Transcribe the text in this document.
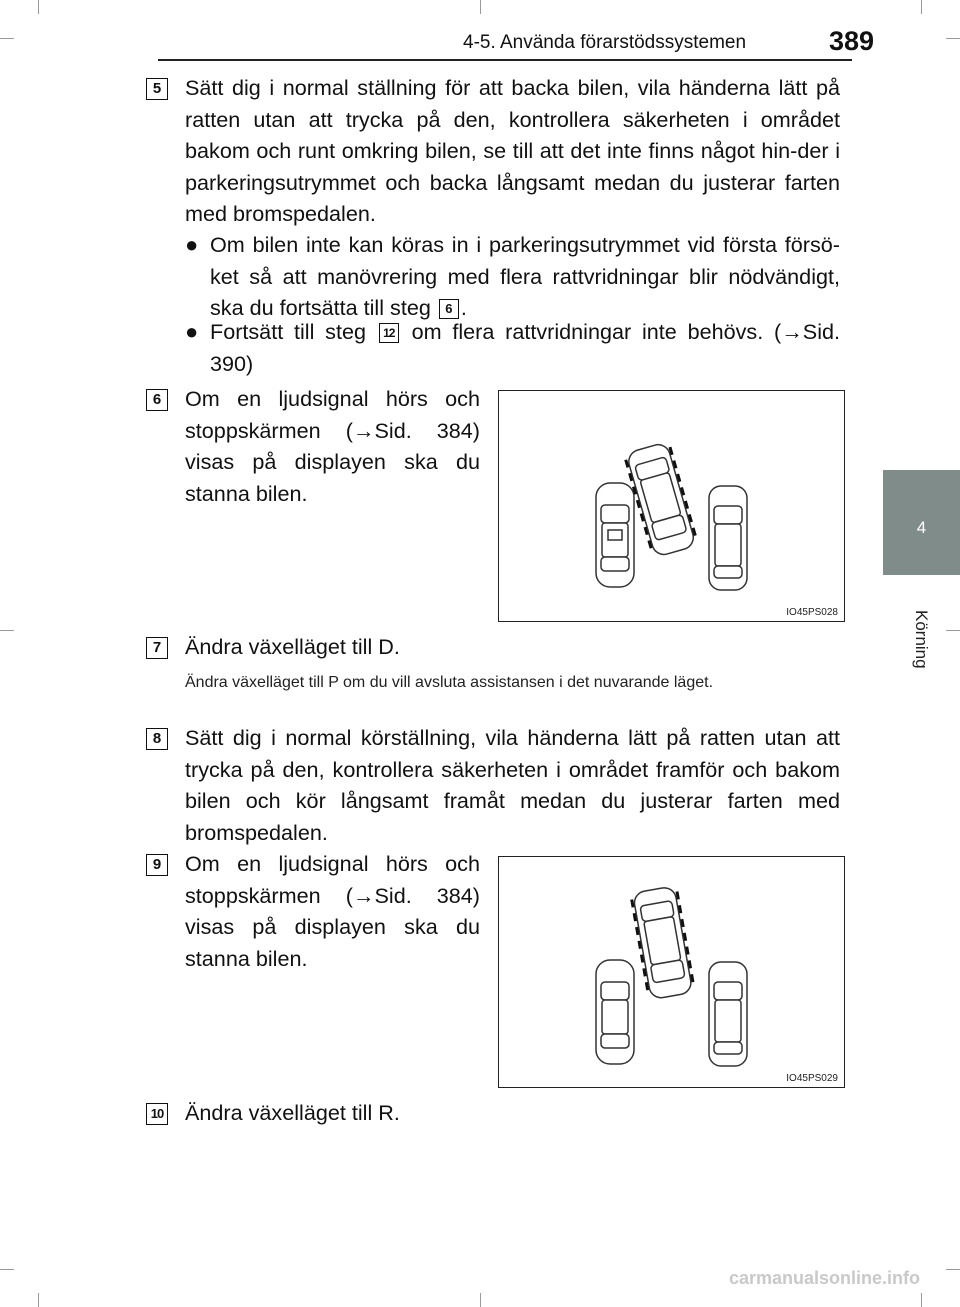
4-5. Använda förarstödssystemen	389
4
Körning
5	Sätt dig i normal ställning för att backa bilen, vila händerna lätt på ratten utan att trycka på den, kontrollera säkerheten i området bakom och runt omkring bilen, se till att det inte finns något hin-der i parkeringsutrymmet och backa långsamt medan du justerar farten med bromspedalen.
● Om bilen inte kan köras in i parkeringsutrymmet vid första försö-ket så att manövrering med flera rattvridningar blir nödvändigt, ska du fortsätta till steg 6 .
● Fortsätt till steg 12 om flera rattvridningar inte behövs. (→Sid. 390)
6	Om en ljudsignal hörs och stoppskärmen (→Sid. 384) visas på displayen ska du stanna bilen.
IO45PS028
7	Ändra växelläget till D.
Ändra växelläget till P om du vill avsluta assistansen i det nuvarande läget.
8	Sätt dig i normal körställning, vila händerna lätt på ratten utan att trycka på den, kontrollera säkerheten i området framför och bakom bilen och kör långsamt framåt medan du justerar farten med bromspedalen.
9	Om en ljudsignal hörs och stoppskärmen (→Sid. 384) visas på displayen ska du stanna bilen.
IO45PS029
10 Ändra växelläget till R.
carmanualsonline.info
